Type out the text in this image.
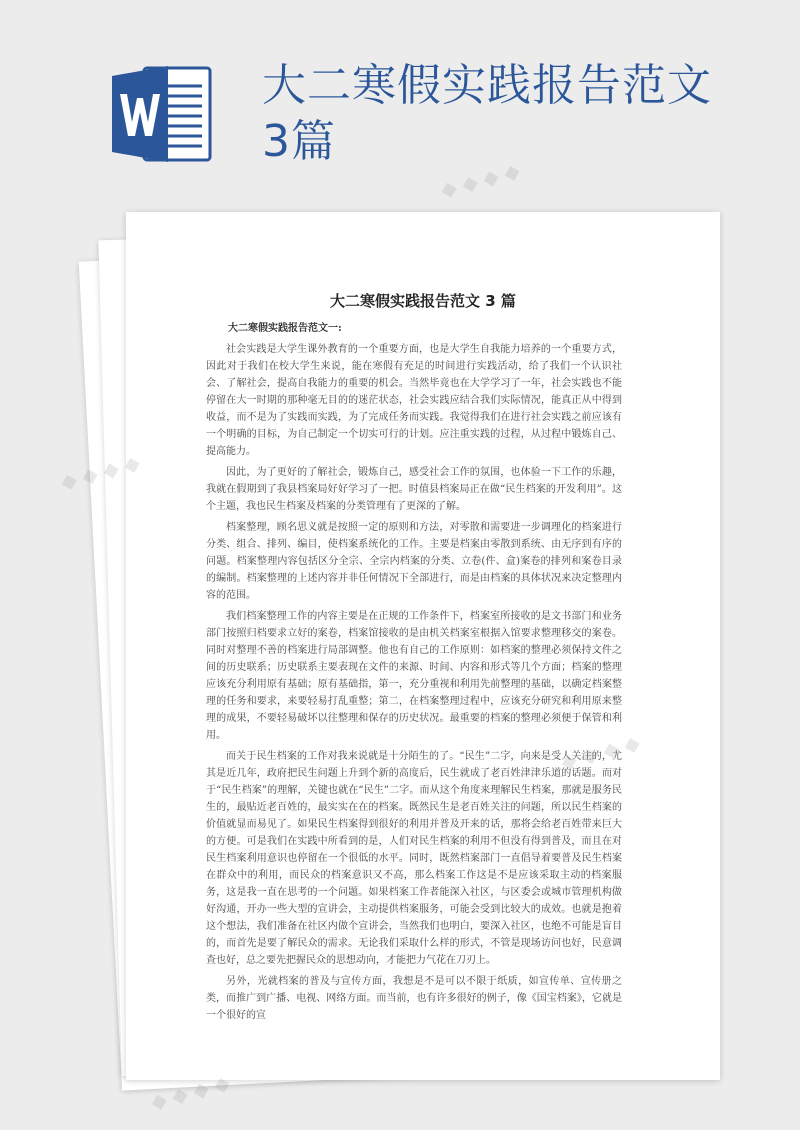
大二寒假实践报告范文
3篇
大二寒假实践报告范文 3 篇
大二寒假实践报告范文一:

社会实践是大学生课外教育的一个重要方面，也是大学生自我能力培养的一个重要方式，因此对于我们在校大学生来说，能在寒假有充足的时间进行实践活动，给了我们一个认识社会、了解社会，提高自我能力的重要的机会。当然毕竟也在大学学习了一年，社会实践也不能停留在大一时期的那种毫无目的的迷茫状态，社会实践应结合我们实际情况，能真正从中得到收益，而不是为了实践而实践，为了完成任务而实践。我觉得我们在进行社会实践之前应该有一个明确的目标，为自己制定一个切实可行的计划。应注重实践的过程，从过程中锻炼自己、提高能力。

因此，为了更好的了解社会，锻炼自己，感受社会工作的氛围，也体验一下工作的乐趣，我就在假期到了我县档案局好好学习了一把。时值县档案局正在做“民生档案的开发利用”。这个主题，我也民生档案及档案的分类管理有了更深的了解。

档案整理，顾名思义就是按照一定的原则和方法，对零散和需要进一步调理化的档案进行分类、组合、排列、编目，使档案系统化的工作。主要是档案由零散到系统、由无序到有序的问题。档案整理内容包括区分全宗、全宗内档案的分类、立卷(件、盒)案卷的排列和案卷目录的编制。档案整理的上述内容并非任何情况下全部进行，而是由档案的具体状况来决定整理内容的范围。

我们档案整理工作的内容主要是在正规的工作条件下，档案室所接收的是文书部门和业务部门按照归档要求立好的案卷，档案馆接收的是由机关档案室根据入馆要求整理移交的案卷。同时对整理不善的档案进行局部调整。他也有自己的工作原则：如档案的整理必须保持文件之间的历史联系；历史联系主要表现在文件的来源、时间、内容和形式等几个方面；档案的整理应该充分利用原有基础；原有基础指，第一，充分重视和利用先前整理的基础，以确定档案整理的任务和要求，来要轻易打乱重整；第二，在档案整理过程中，应该充分研究和利用原来整理的成果，不要轻易破坏以往整理和保存的历史状况。最重要的档案的整理必须便于保管和利用。

而关于民生档案的工作对我来说就是十分陌生的了。“民生”二字，向来是受人关注的，尤其是近几年，政府把民生问题上升到个新的高度后，民生就成了老百姓津津乐道的话题。而对于“民生档案”的理解，关键也就在“民生”二字。而从这个角度来理解民生档案，那就是服务民生的，最贴近老百姓的，最实实在在的档案。既然民生是老百姓关注的问题，所以民生档案的价值就显而易见了。如果民生档案得到很好的利用并普及开来的话，那将会给老百姓带来巨大的方便。可是我们在实践中所看到的是，人们对民生档案的利用不但没有得到普及，而且在对民生档案利用意识也停留在一个很低的水平。同时，既然档案部门一直倡导着要普及民生档案在群众中的利用，而民众的档案意识又不高，那么档案工作这是不是应该采取主动的档案服务，这是我一直在思考的一个问题。如果档案工作者能深入社区，与区委会或城市管理机构做好沟通，开办一些大型的宣讲会，主动提供档案服务，可能会受到比较大的成效。也就是抱着这个想法，我们准备在社区内做个宣讲会，当然我们也明白，要深入社区，也绝不可能是盲目的，而首先是要了解民众的需求。无论我们采取什么样的形式，不管是现场访问也好，民意调查也好，总之要先把握民众的思想动向，才能把力气花在刀刃上。

另外，光就档案的普及与宣传方面，我想是不是可以不限于纸质，如宣传单、宣传册之类，而推广到广播、电视、网络方面。而当前，也有许多很好的例子，像《国宝档案》，它就是一个很好的宣

◆ ◆ ◆ ◆
◆
◆ ◆ ◆ ◆
